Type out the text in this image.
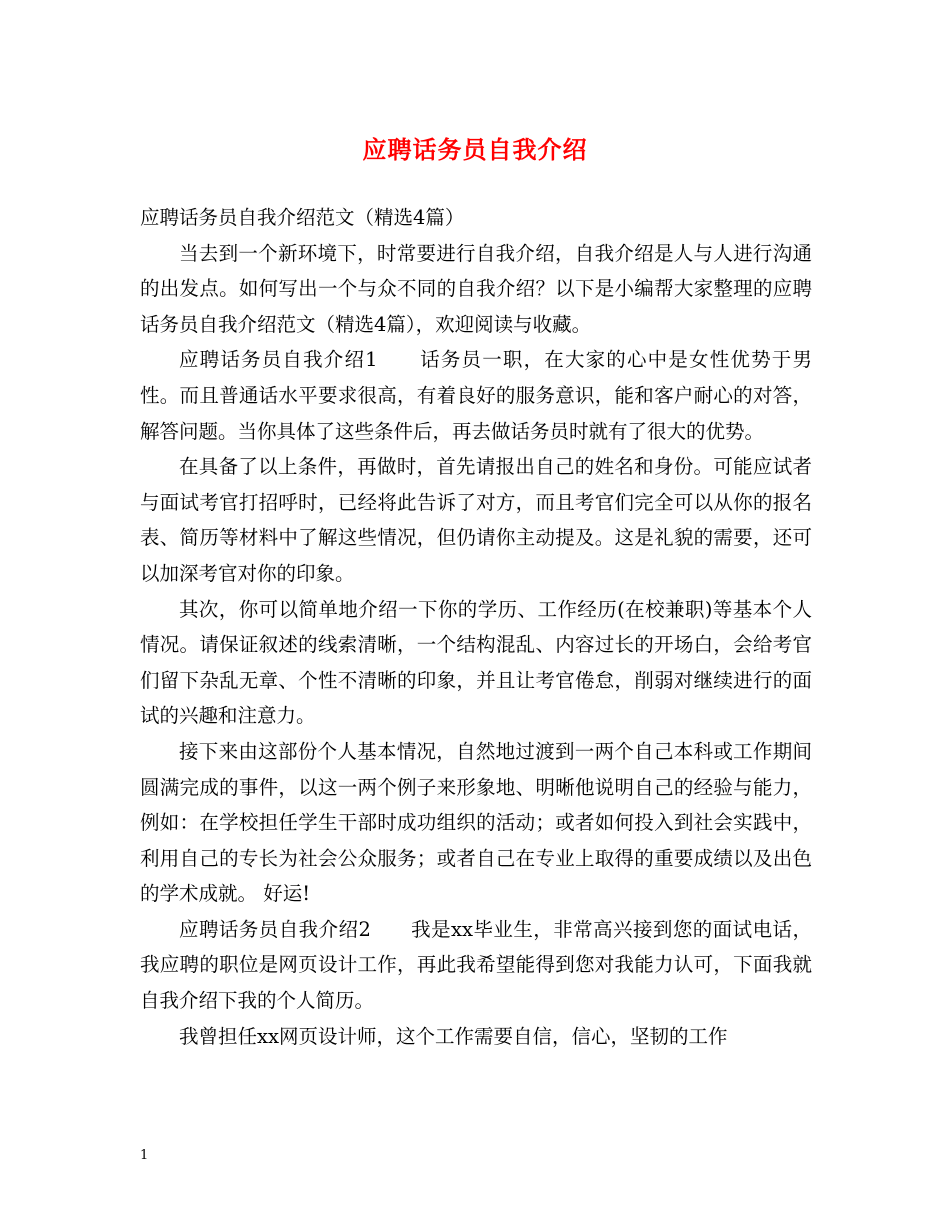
应聘话务员自我介绍

应聘话务员自我介绍范文（精选4篇）

当去到一个新环境下，时常要进行自我介绍，自我介绍是人与人进行沟通的出发点。如何写出一个与众不同的自我介绍？以下是小编帮大家整理的应聘话务员自我介绍范文（精选4篇），欢迎阅读与收藏。

应聘话务员自我介绍1　　话务员一职，在大家的心中是女性优势于男性。而且普通话水平要求很高，有着良好的服务意识，能和客户耐心的对答，解答问题。当你具体了这些条件后，再去做话务员时就有了很大的优势。

在具备了以上条件，再做时，首先请报出自己的姓名和身份。可能应试者与面试考官打招呼时，已经将此告诉了对方，而且考官们完全可以从你的报名表、简历等材料中了解这些情况，但仍请你主动提及。这是礼貌的需要，还可以加深考官对你的印象。

其次，你可以简单地介绍一下你的学历、工作经历(在校兼职)等基本个人情况。请保证叙述的线索清晰，一个结构混乱、内容过长的开场白，会给考官们留下杂乱无章、个性不清晰的印象，并且让考官倦怠，削弱对继续进行的面试的兴趣和注意力。

接下来由这部份个人基本情况，自然地过渡到一两个自己本科或工作期间圆满完成的事件，以这一两个例子来形象地、明晰他说明自己的经验与能力，例如：在学校担任学生干部时成功组织的活动；或者如何投入到社会实践中，利用自己的专长为社会公众服务；或者自己在专业上取得的重要成绩以及出色的学术成就。 好运!

应聘话务员自我介绍2　　我是xx毕业生，非常高兴接到您的面试电话，我应聘的职位是网页设计工作，再此我希望能得到您对我能力认可，下面我就自我介绍下我的个人简历。

我曾担任xx网页设计师，这个工作需要自信，信心，坚韧的工作

1
